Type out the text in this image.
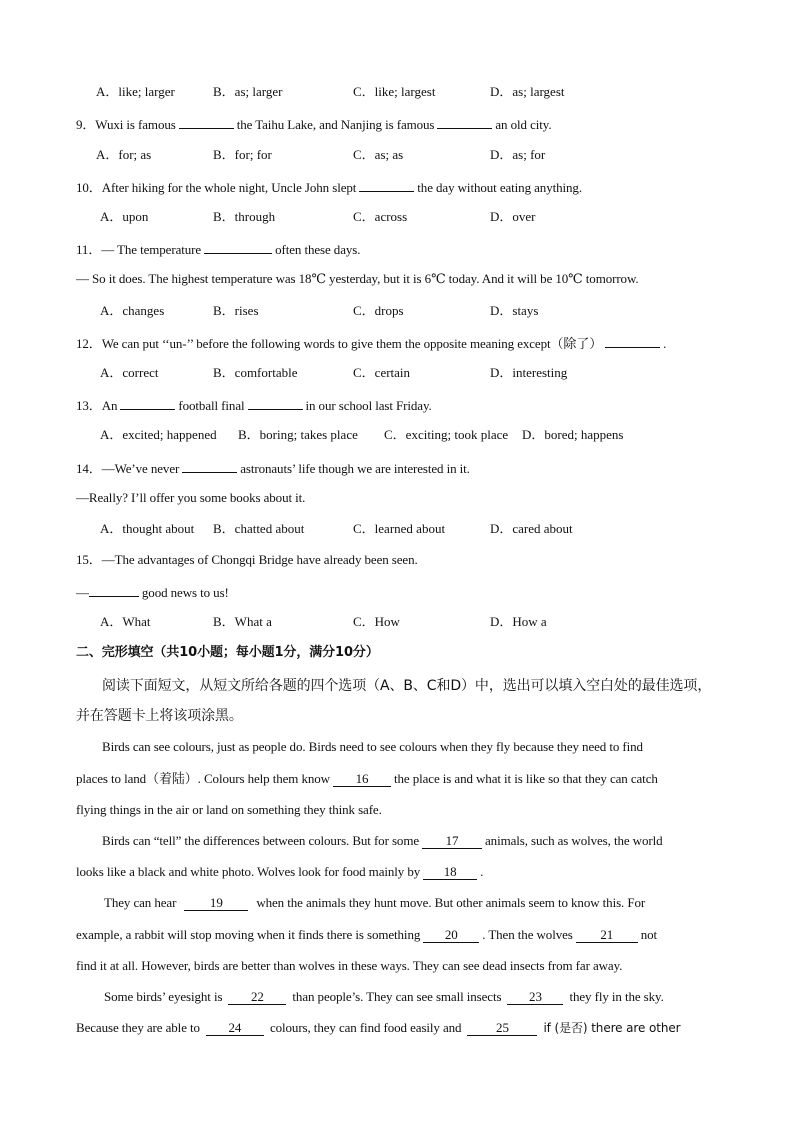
A．like; larger	B．as; larger	C．like; largest	D．as; largest
9．Wuxi is famous	the Taihu Lake, and Nanjing is famous	an old city.
A．for; as	B．for; for	C．as; as	D．as; for
10．After hiking for the whole night, Uncle John slept	the day without eating anything.
A．upon	B．through	C．across	D．over
11．— The temperature	often these days.
— So it does. The highest temperature was 18℃ yesterday, but it is 6℃ today. And it will be 10℃ tomorrow.
A．changes	B．rises	C．drops	D．stays
12．We can put ‘‘un-’’ before the following words to give them the opposite meaning except（除了）	.
A．correct	B．comfortable	C．certain	D．interesting
13．An	football final	in our school last Friday.
A．excited; happened B．boring; takes place C．exciting; took place D．bored; happens
14．—We’ve never	astronauts’ life though we are interested in it.
—Really? I’ll offer you some books about it.
A．thought about B．chatted about	C．learned about	D．cared about
15．—The advantages of Chongqi Bridge have already been seen.
—	good news to us!
A．What	B．What a	C．How	D．How a
二、完形填空（共10小题；每小题1分，满分10分）
阅读下面短文，从短文所给各题的四个选项（A、B、C和D）中，选出可以填入空白处的最佳选项，
并在答题卡上将该项涂黑。
Birds can see colours, just as people do. Birds need to see colours when they fly because they need to find
places to land（着陆）. Colours help them know 16 the place is and what it is like so that they can catch
flying things in the air or land on something they think safe.
Birds can “tell” the differences between colours. But for some 17 animals, such as wolves, the world
looks like a black and white photo. Wolves look for food mainly by 18 .
They can hear	19	when the animals they hunt move. But other animals seem to know this. For
example, a rabbit will stop moving when it finds there is something 20 . Then the wolves 21 not
find it at all. However, birds are better than wolves in these ways. They can see dead insects from far away.
Some birds’ eyesight is 22 than people’s. They can see small insects 23 they fly in the sky.
Because they are able to 24 colours, they can find food easily and	25	if (是否) there are other
